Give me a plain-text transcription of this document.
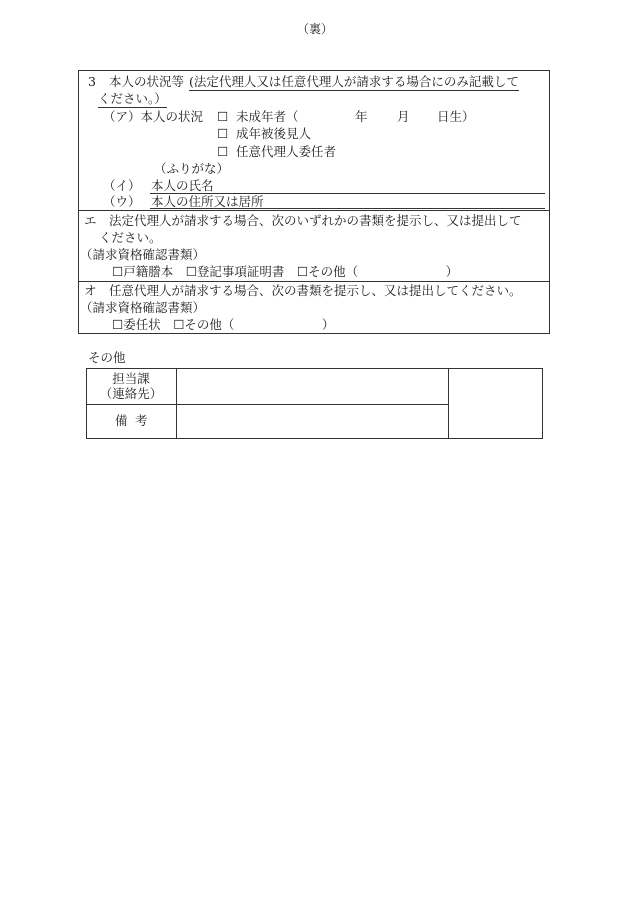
（裏）
3 本人の状況等 (法定代理人又は任意代理人が請求する場合にのみ記載して
ください。）
（ア）本人の状況 ☐ 未成年者（	年 月 日生）
☐ 成年被後見人
☐ 任意代理人委任者
（ふりがな）
（イ） 本人の氏名
（ウ） 本人の住所又は居所
エ　法定代理人が請求する場合、次のいずれかの書類を提示し、又は提出して
ください。
（請求資格確認書類）
☐戸籍謄本　☐登記事項証明書　☐その他（　　　　　　　）
オ　任意代理人が請求する場合、次の書類を提示し、又は提出してください。
（請求資格確認書類）
☐委任状　☐その他（　　　　　　　）
その他
担当課
（連絡先）
備考
